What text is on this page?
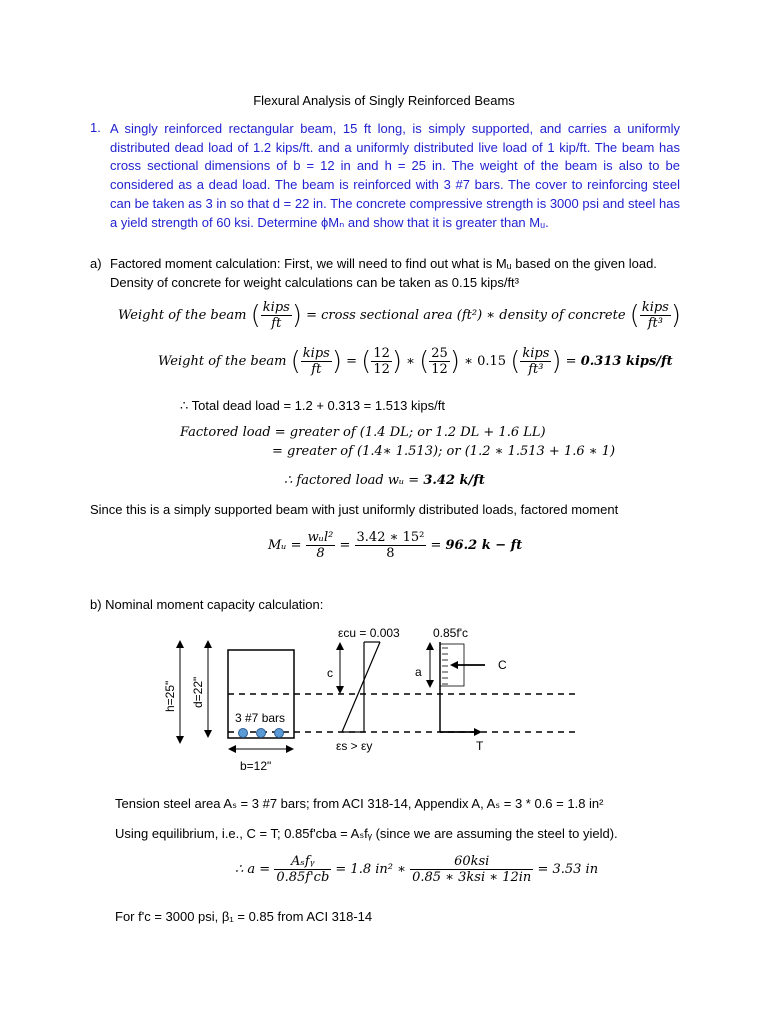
Flexural Analysis of Singly Reinforced Beams
1. A singly reinforced rectangular beam, 15 ft long, is simply supported, and carries a uniformly distributed dead load of 1.2 kips/ft. and a uniformly distributed live load of 1 kip/ft. The beam has cross sectional dimensions of b = 12 in and h = 25 in. The weight of the beam is also to be considered as a dead load. The beam is reinforced with 3 #7 bars. The cover to reinforcing steel can be taken as 3 in so that d = 22 in. The concrete compressive strength is 3000 psi and steel has a yield strength of 60 ksi. Determine ϕMₙ and show that it is greater than Mᵤ.
a) Factored moment calculation: First, we will need to find out what is Mᵤ based on the given load.
Density of concrete for weight calculations can be taken as 0.15 kips/ft³
Weight of the beam ( $\frac{\text{kips}}{ft}$ ) = cross sectional area (ft²) ∗ density of concrete ( $\frac{\text{kips}}{\text{ft³}}$ )
Weight of the beam ( $\frac{\text{kips}}{ft}$ ) = ( $\frac{12}{12}$ ) ∗ ( $\frac{25}{12}$ ) ∗ 0.15 ( $\frac{\text{kips}}{\text{ft³}}$ ) = 0.313 kips/ft
∴ Total dead load = 1.2 + 0.313 = 1.513 kips/ft
Factored load = greater of (1.4 DL; or 1.2 DL + 1.6 LL)
= greater of (1.4∗ 1.513); or (1.2 ∗ 1.513 + 1.6 ∗ 1)
∴ factored load wᵤ = 3.42 k/ft
Since this is a simply supported beam with just uniformly distributed loads, factored moment
Mᵤ = $\frac{\text{wᵤl²}}{8} = \frac{\text{3.42 ∗ 15²}}{8} = 96.2$ k − ft
b) Nominal moment capacity calculation:
3 #7 bars
h=25" d=22"
b=12"
εcu = 0.003
εs > εy
c
0.85f'c
a	C
T
Tension steel area Aₛ = 3 #7 bars; from ACI 318-14, Appendix A, Aₛ = 3 * 0.6 = 1.8 in²
Using equilibrium, i.e., C = T; 0.85f'cba = Aₛfᵧ (since we are assuming the steel to yield).
∴ $a = \frac{\text{Aₛfᵧ}}{0.85f'cb} = 1.8$ in² ∗ $\frac{\text{60ksi}}{\text{0.85 ∗ 3ksi ∗ 12in}} = 3.53$ in
For f'c = 3000 psi, β₁ = 0.85 from ACI 318-14
